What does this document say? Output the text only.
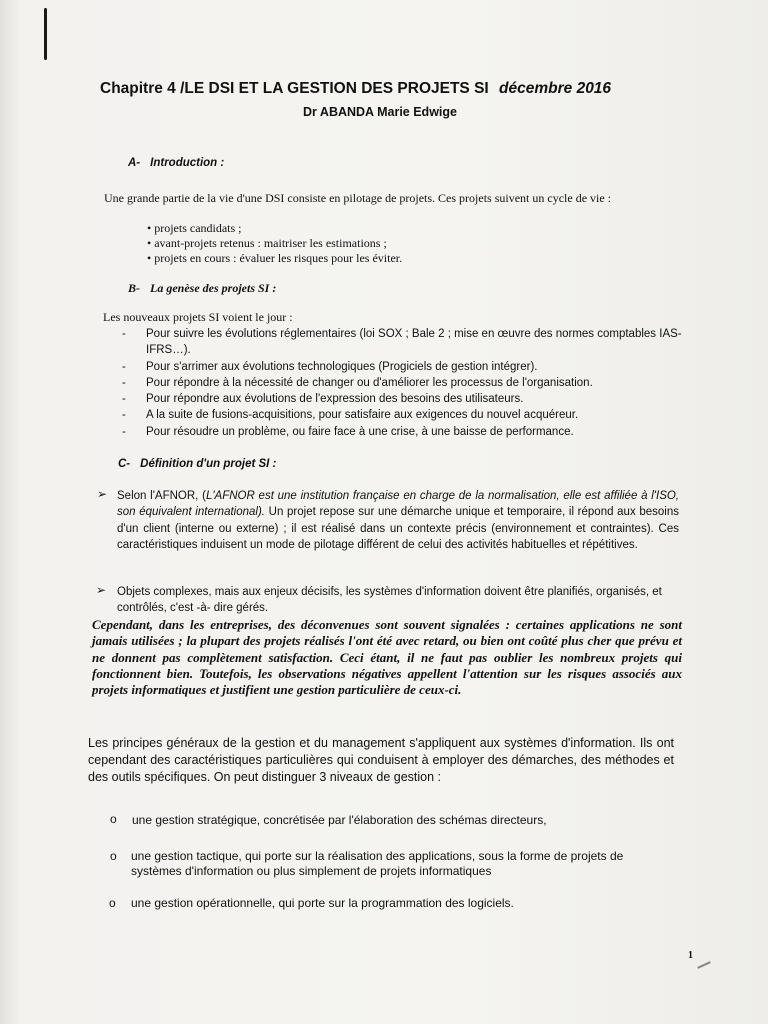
Chapitre 4 /LE DSI ET LA GESTION DES PROJETS SI décembre 2016
Dr ABANDA Marie Edwige
A- Introduction :
Une grande partie de la vie d'une DSI consiste en pilotage de projets. Ces projets suivent un cycle de vie :
• projets candidats ;
• avant-projets retenus : maitriser les estimations ;
• projets en cours : évaluer les risques pour les éviter.
B- La genèse des projets SI :
Les nouveaux projets SI voient le jour :
- Pour suivre les évolutions réglementaires (loi SOX ; Bale 2 ; mise en œuvre des normes comptables IAS- IFRS…).
- Pour s'arrimer aux évolutions technologiques (Progiciels de gestion intégrer).
- Pour répondre à la nécessité de changer ou d'améliorer les processus de l'organisation.
- Pour répondre aux évolutions de l'expression des besoins des utilisateurs.
- A la suite de fusions-acquisitions, pour satisfaire aux exigences du nouvel acquéreur.
- Pour résoudre un problème, ou faire face à une crise, à une baisse de performance.
C- Définition d'un projet SI :
➢ Selon l'AFNOR, (L'AFNOR est une institution française en charge de la normalisation, elle est affiliée à l'ISO, son équivalent international). Un projet repose sur une démarche unique et temporaire, il répond aux besoins d'un client (interne ou externe) ; il est réalisé dans un contexte précis (environnement et contraintes). Ces caractéristiques induisent un mode de pilotage différent de celui des activités habituelles et répétitives.
➢ Objets complexes, mais aux enjeux décisifs, les systèmes d'information doivent être planifiés, organisés, et contrôlés, c'est -à- dire gérés.
Cependant, dans les entreprises, des déconvenues sont souvent signalées : certaines applications ne sont jamais utilisées ; la plupart des projets réalisés l'ont été avec retard, ou bien ont coûté plus cher que prévu et ne donnent pas complètement satisfaction. Ceci étant, il ne faut pas oublier les nombreux projets qui fonctionnent bien. Toutefois, les observations négatives appellent l'attention sur les risques associés aux projets informatiques et justifient une gestion particulière de ceux-ci.
Les principes généraux de la gestion et du management s'appliquent aux systèmes d'information. Ils ont cependant des caractéristiques particulières qui conduisent à employer des démarches, des méthodes et des outils spécifiques. On peut distinguer 3 niveaux de gestion :
o une gestion stratégique, concrétisée par l'élaboration des schémas directeurs,
o une gestion tactique, qui porte sur la réalisation des applications, sous la forme de projets de systèmes d'information ou plus simplement de projets informatiques
o une gestion opérationnelle, qui porte sur la programmation des logiciels.
1
